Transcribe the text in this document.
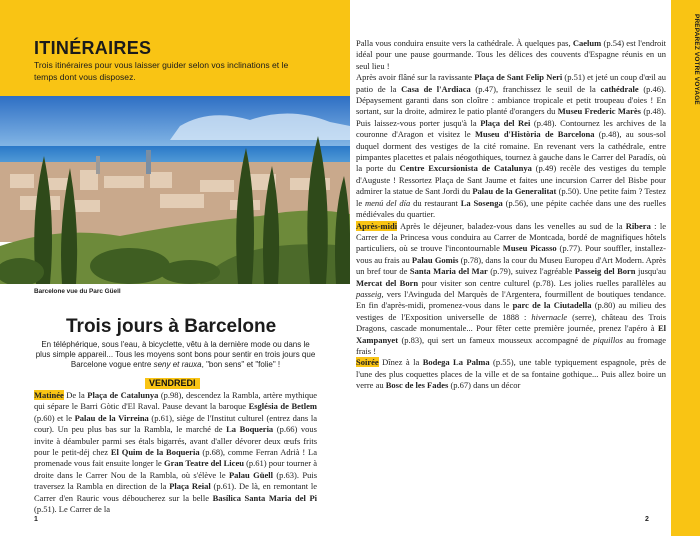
ITINÉRAIRES
Trois itinéraires pour vous laisser guider selon vos inclinations et le temps dont vous disposez.
Barcelone vue du Parc Güell
Trois jours à Barcelone
En téléphérique, sous l'eau, à bicyclette, vêtu à la dernière mode ou dans le plus simple appareil... Tous les moyens sont bons pour sentir en trois jours que Barcelone vogue entre seny et rauxa, "bon sens" et "folie" !
VENDREDI
Matinée De la Plaça de Catalunya (p.98), descendez la Rambla, artère mythique qui sépare le Barri Gòtic d'El Raval. Pause devant la baroque Església de Betlem (p.60) et le Palau de la Virreina (p.61), siège de l'Institut culturel (entrez dans la cour). Un peu plus bas sur la Rambla, le marché de La Boqueria (p.66) vous invite à déambuler parmi ses étals bigarrés, avant d'aller dévorer deux œufs frits pour le petit-déj chez El Quim de la Boqueria (p.68), comme Ferran Adrià ! La promenade vous fait ensuite longer le Gran Teatre del Liceu (p.61) pour tourner à droite dans le Carrer Nou de la Rambla, où s'élève le Palau Güell (p.63). Puis traversez la Rambla en direction de la Plaça Reial (p.61). De là, en remontant le Carrer d'en Rauric vous déboucherez sur la belle Basílica Santa Maria del Pi (p.51). Le Carrer de la
1
PRÉPAREZ VOTRE VOYAGE

Palla vous conduira ensuite vers la cathédrale. À quelques pas, Caelum (p.54) est l'endroit idéal pour une pause gourmande. Tous les délices des couvents d'Espagne réunis en un seul lieu !

Après avoir flâné sur la ravissante Plaça de Sant Felip Neri (p.51) et jeté un coup d'œil au patio de la Casa de l'Ardiaca (p.47), franchissez le seuil de la cathédrale (p.46). Dépaysement garanti dans son cloître : ambiance tropicale et petit troupeau d'oies ! En sortant, sur la droite, admirez le patio planté d'orangers du Museu Frederic Marès (p.48). Puis laissez-vous porter jusqu'à la Plaça del Rei (p.48). Contournez les archives de la couronne d'Aragon et visitez le Museu d'Història de Barcelona (p.48), au sous-sol duquel dorment des vestiges de la cité romaine. En revenant vers la cathédrale, entre pimpantes placettes et palais néogothiques, tournez à gauche dans le Carrer del Paradís, où la porte du Centre Excursionista de Catalunya (p.49) recèle des vestiges du temple d'Auguste ! Ressortez Plaça de Sant Jaume et faites une incursion Carrer del Bisbe pour admirer la statue de Sant Jordi du Palau de la Generalitat (p.50). Une petite faim ? Testez le menú del día du restaurant La Sosenga (p.56), une pépite cachée dans une des ruelles médiévales du quartier.

Après-midi Après le déjeuner, baladez-vous dans les venelles au sud de la Ribera : le Carrer de la Princesa vous conduira au Carrer de Montcada, bordé de magnifiques hôtels particuliers, où se trouve l'incontournable Museu Picasso (p.77). Pour souffler, installez-vous au frais au Palau Gomis (p.78), dans la cour du Museu Europeu d'Art Modern. Après un bref tour de Santa Maria del Mar (p.79), suivez l'agréable Passeig del Born jusqu'au Mercat del Born pour visiter son centre culturel (p.78). Les jolies ruelles parallèles au passeig, vers l'Avinguda del Marquès de l'Argentera, fourmillent de boutiques tendance. En fin d'après-midi, promenez-vous dans le parc de la Ciutadella (p.80) au milieu des vestiges de l'Exposition universelle de 1888 : hivernacle (serre), château des Trois Dragons, cascade monumentale... Pour fêter cette première journée, prenez l'apéro à El Xampanyet (p.83), qui sert un fameux mousseux accompagné de piquillos au fromage frais !

Soirée Dînez à la Bodega La Palma (p.55), une table typiquement espagnole, près de l'une des plus coquettes places de la ville et de sa fontaine gothique... Puis allez boire un verre au Bosc de les Fades (p.67) dans un décor

2
